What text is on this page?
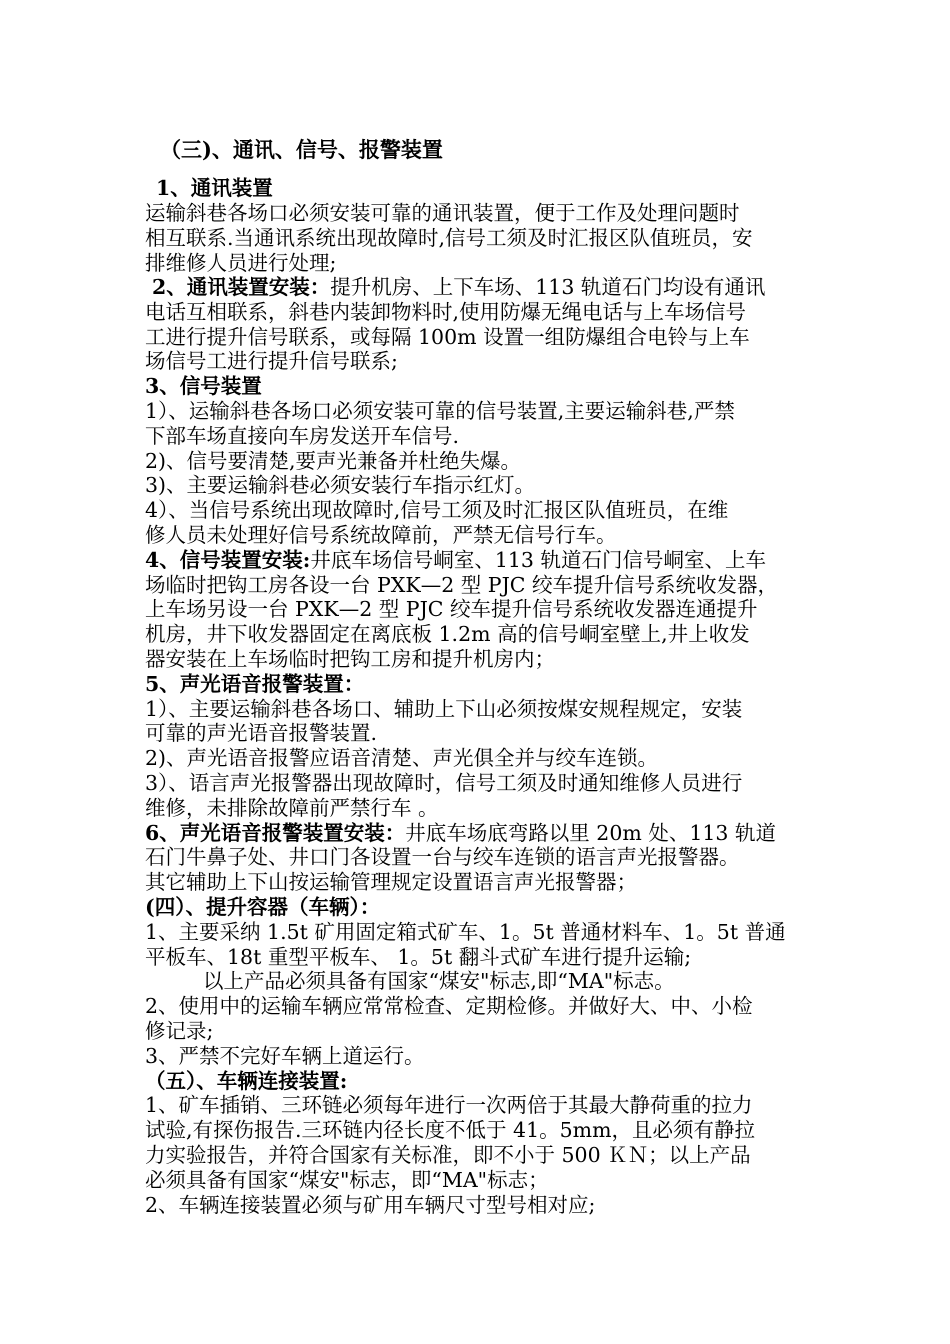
（三)、通讯、信号、报警装置
1、通讯装置
运输斜巷各场口必须安装可靠的通讯装置，便于工作及处理问题时
相互联系.当通讯系统出现故障时,信号工须及时汇报区队值班员，安
排维修人员进行处理;
2、通讯装置安装：提升机房、上下车场、113 轨道石门均设有通讯
电话互相联系，斜巷内装卸物料时,使用防爆无绳电话与上车场信号
工进行提升信号联系，或每隔 100m 设置一组防爆组合电铃与上车
场信号工进行提升信号联系;
3、信号装置
1）、运输斜巷各场口必须安装可靠的信号装置,主要运输斜巷,严禁
下部车场直接向车房发送开车信号.
2)、信号要清楚,要声光兼备并杜绝失爆。
3)、主要运输斜巷必须安装行车指示红灯。
4）、当信号系统出现故障时,信号工须及时汇报区队值班员，在维
修人员未处理好信号系统故障前，严禁无信号行车。
4、信号装置安装:井底车场信号峒室、113 轨道石门信号峒室、上车
场临时把钩工房各设一台 PXK—2 型 PJC 绞车提升信号系统收发器，
上车场另设一台 PXK—2 型 PJC 绞车提升信号系统收发器连通提升
机房，井下收发器固定在离底板 1.2m 高的信号峒室壁上,井上收发
器安装在上车场临时把钩工房和提升机房内；
5、声光语音报警装置：
1）、主要运输斜巷各场口、辅助上下山必须按煤安规程规定，安装
可靠的声光语音报警装置.
2)、声光语音报警应语音清楚、声光俱全并与绞车连锁。
3）、语言声光报警器出现故障时，信号工须及时通知维修人员进行
维修，未排除故障前严禁行车 。
6、声光语音报警装置安装：井底车场底弯路以里 20m 处、113 轨道
石门牛鼻子处、井口门各设置一台与绞车连锁的语言声光报警器。
其它辅助上下山按运输管理规定设置语言声光报警器；
(四）、提升容器（车辆）：
1、主要采纳 1.5t 矿用固定箱式矿车、1。5t 普通材料车、1。5t 普通
平板车、18t 重型平板车、 1。5t 翻斗式矿车进行提升运输;
以上产品必须具备有国家“煤安"标志,即“MA"标志。
2、使用中的运输车辆应常常检查、定期检修。并做好大、中、小检
修记录;
3、严禁不完好车辆上道运行。
（五）、车辆连接装置:
1、矿车插销、三环链必须每年进行一次两倍于其最大静荷重的拉力
试验,有探伤报告.三环链内径长度不低于 41。5mm，且必须有静拉
力实验报告，并符合国家有关标准，即不小于 500 ＫＮ；以上产品
必须具备有国家“煤安"标志，即“MA"标志；
2、车辆连接装置必须与矿用车辆尺寸型号相对应;
